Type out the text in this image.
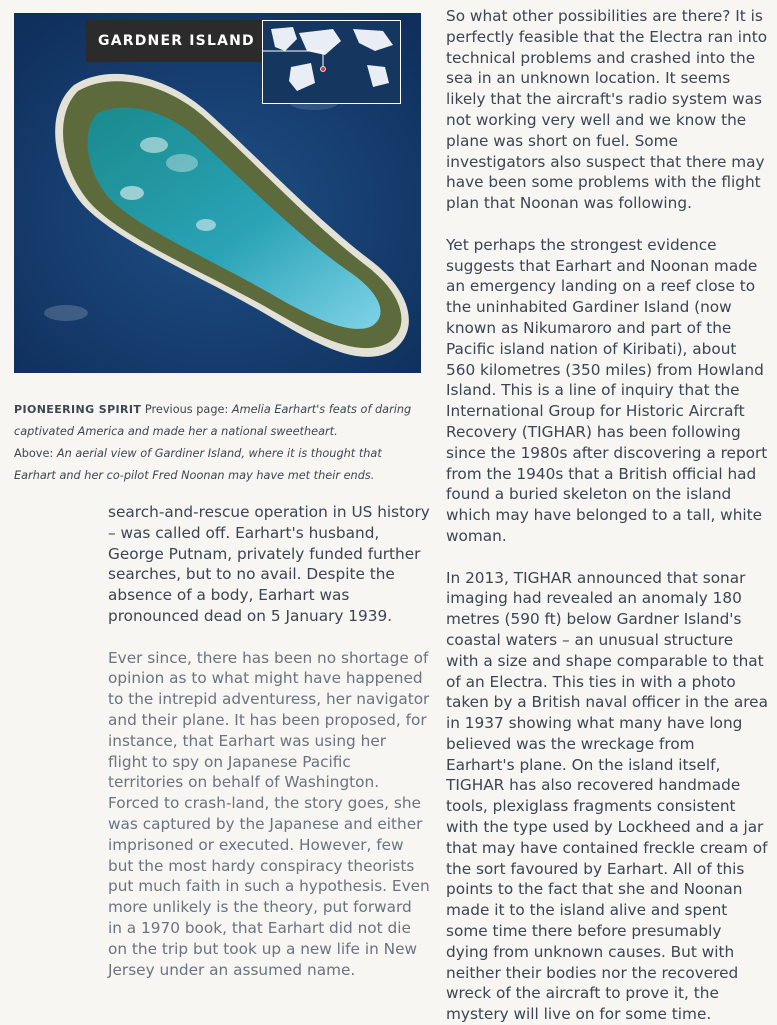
GARDNER ISLAND
PIONEERING SPIRIT Previous page: Amelia Earhart's feats of daring captivated America and made her a national sweetheart.
Above: An aerial view of Gardiner Island, where it is thought that Earhart and her co-pilot Fred Noonan may have met their ends.

search-and-rescue operation in US history – was called off. Earhart's husband, George Putnam, privately funded further searches, but to no avail. Despite the absence of a body, Earhart was pronounced dead on 5 January 1939.

Ever since, there has been no shortage of opinion as to what might have happened to the intrepid adventuress, her navigator and their plane. It has been proposed, for instance, that Earhart was using her flight to spy on Japanese Pacific territories on behalf of Washington. Forced to crash-land, the story goes, she was captured by the Japanese and either imprisoned or executed. However, few but the most hardy conspiracy theorists put much faith in such a hypothesis. Even more unlikely is the theory, put forward in a 1970 book, that Earhart did not die on the trip but took up a new life in New Jersey under an assumed name.

So what other possibilities are there? It is perfectly feasible that the Electra ran into technical problems and crashed into the sea in an unknown location. It seems likely that the aircraft's radio system was not working very well and we know the plane was short on fuel. Some investigators also suspect that there may have been some problems with the flight plan that Noonan was following.

Yet perhaps the strongest evidence suggests that Earhart and Noonan made an emergency landing on a reef close to the uninhabited Gardiner Island (now known as Nikumaroro and part of the Pacific island nation of Kiribati), about 560 kilometres (350 miles) from Howland Island. This is a line of inquiry that the International Group for Historic Aircraft Recovery (TIGHAR) has been following since the 1980s after discovering a report from the 1940s that a British official had found a buried skeleton on the island which may have belonged to a tall, white woman.

In 2013, TIGHAR announced that sonar imaging had revealed an anomaly 180 metres (590 ft) below Gardner Island's coastal waters – an unusual structure with a size and shape comparable to that of an Electra. This ties in with a photo taken by a British naval officer in the area in 1937 showing what many have long believed was the wreckage from Earhart's plane. On the island itself, TIGHAR has also recovered handmade tools, plexiglass fragments consistent with the type used by Lockheed and a jar that may have contained freckle cream of the sort favoured by Earhart. All of this points to the fact that she and Noonan made it to the island alive and spent some time there before presumably dying from unknown causes. But with neither their bodies nor the recovered wreck of the aircraft to prove it, the mystery will live on for some time.
